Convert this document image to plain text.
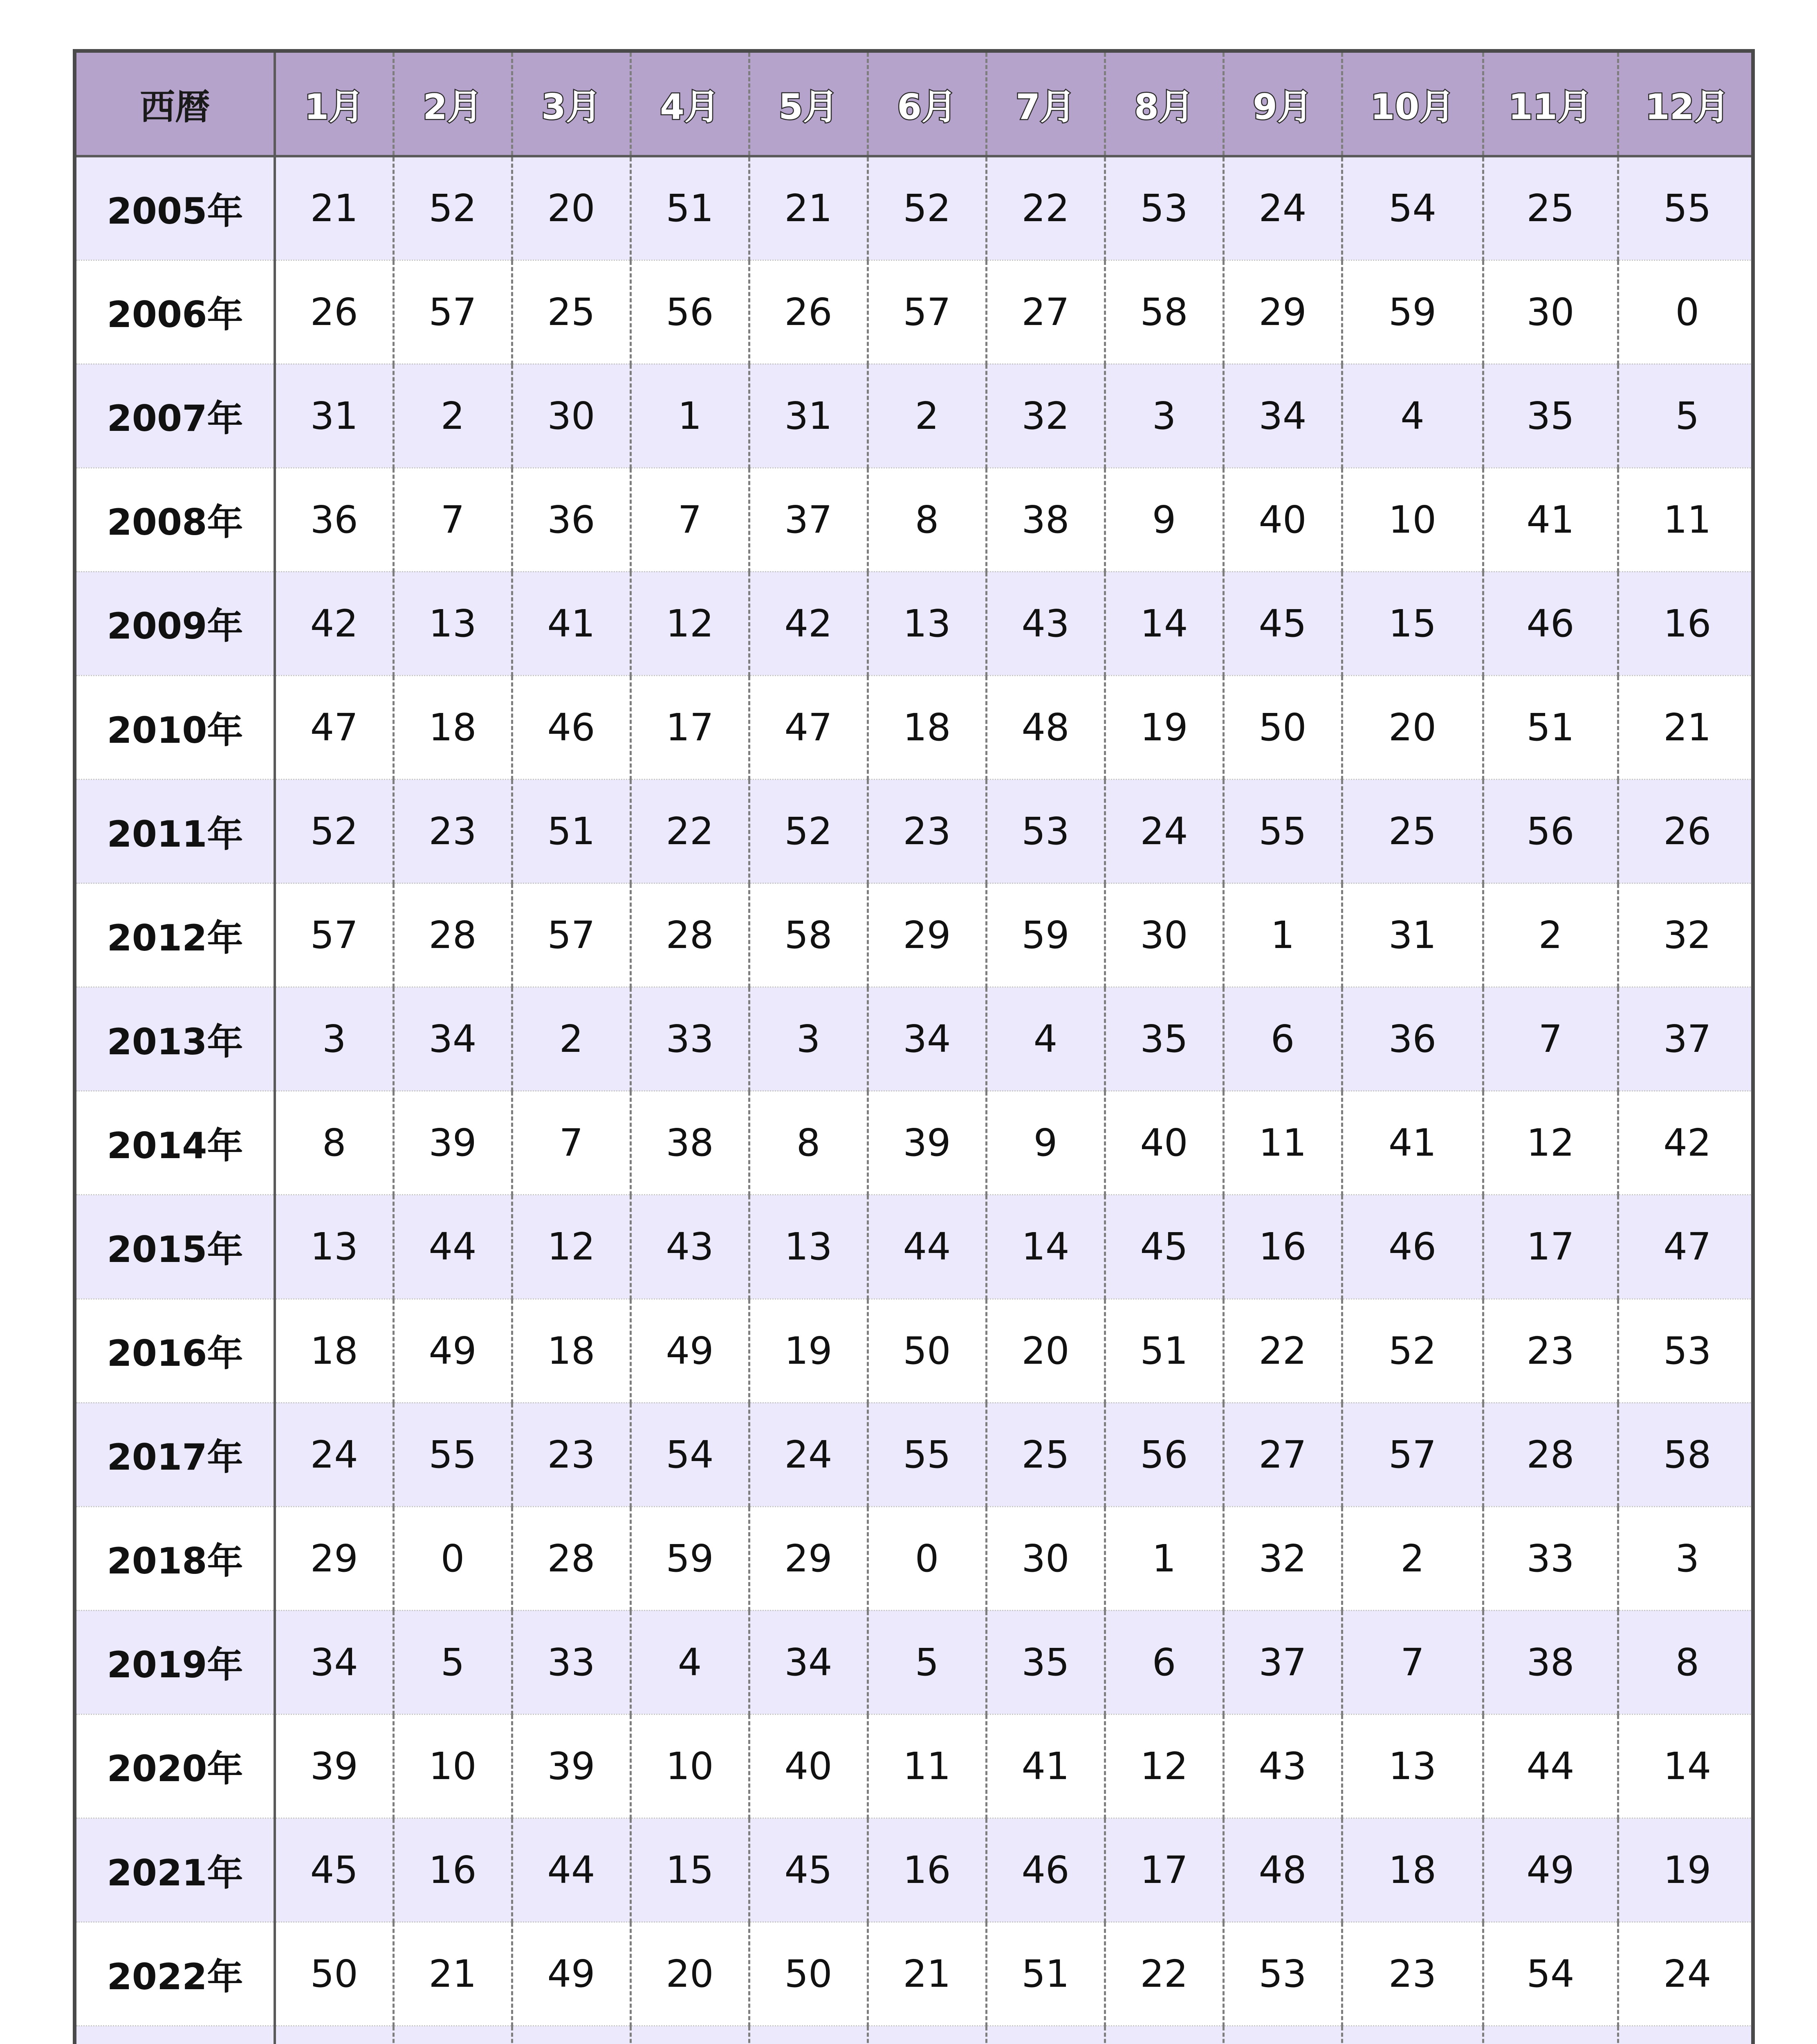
西暦	1月	2月	3月	4月	5月	6月	7月	8月	9月	10月	11月	12月
2005年	21	52	20	51	21	52	22	53	24	54	25	55
2006年	26	57	25	56	26	57	27	58	29	59	30	0
2007年	31	2	30	1	31	2	32	3	34	4	35	5
2008年	36	7	36	7	37	8	38	9	40	10	41	11
2009年	42	13	41	12	42	13	43	14	45	15	46	16
2010年	47	18	46	17	47	18	48	19	50	20	51	21
2011年	52	23	51	22	52	23	53	24	55	25	56	26
2012年	57	28	57	28	58	29	59	30	1	31	2	32
2013年	3	34	2	33	3	34	4	35	6	36	7	37
2014年	8	39	7	38	8	39	9	40	11	41	12	42
2015年	13	44	12	43	13	44	14	45	16	46	17	47
2016年	18	49	18	49	19	50	20	51	22	52	23	53
2017年	24	55	23	54	24	55	25	56	27	57	28	58
2018年	29	0	28	59	29	0	30	1	32	2	33	3
2019年	34	5	33	4	34	5	35	6	37	7	38	8
2020年	39	10	39	10	40	11	41	12	43	13	44	14
2021年	45	16	44	15	45	16	46	17	48	18	49	19
2022年	50	21	49	20	50	21	51	22	53	23	54	24
